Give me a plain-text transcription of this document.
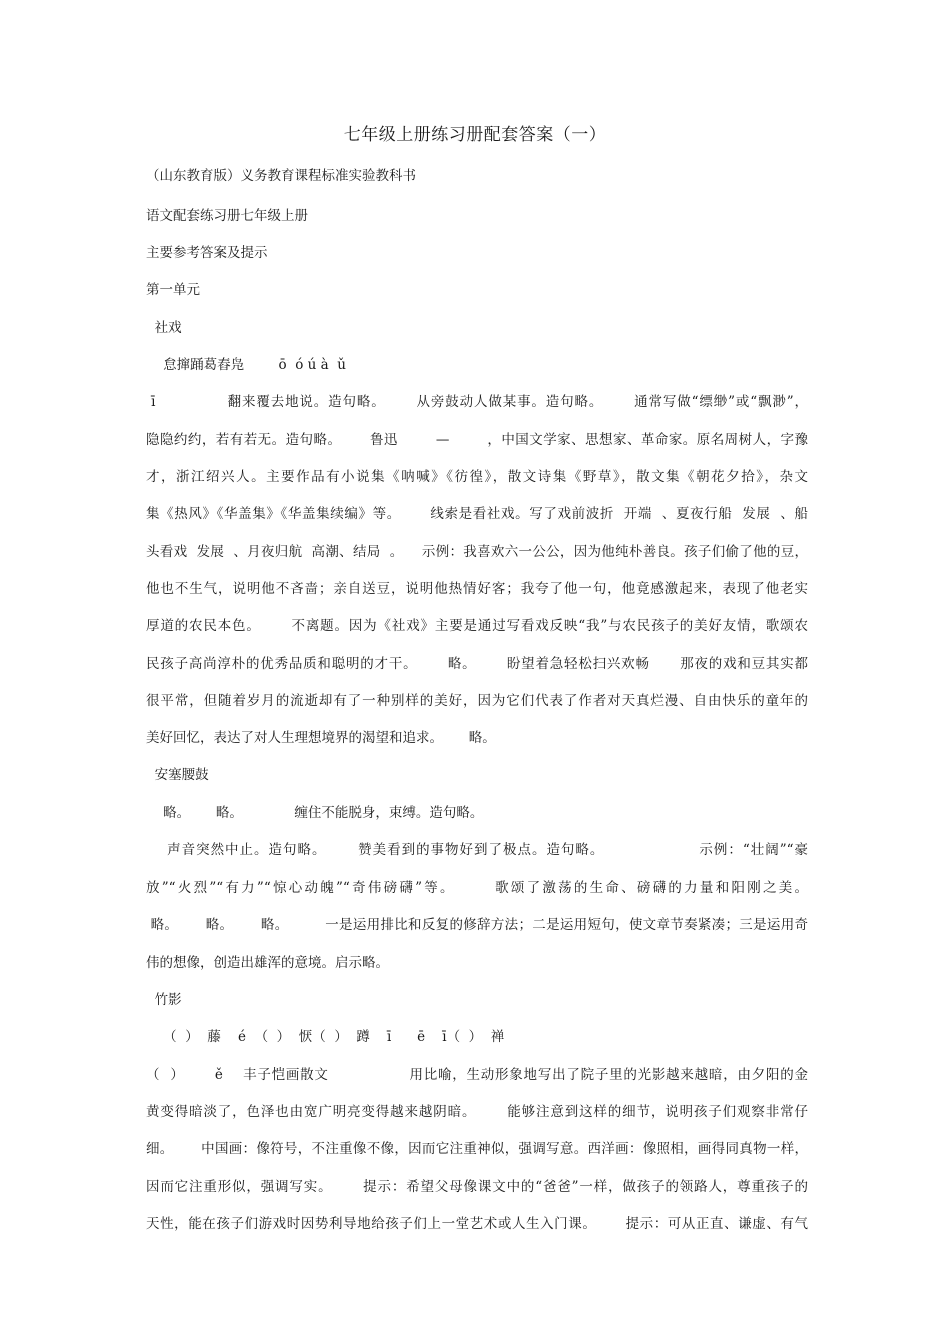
七年级上册练习册配套答案（一）
（山东教育版）义务教育课程标准实验教科书
语文配套练习册七年级上册
主要参考答案及提示
第一单元
社戏
怠撺踊葛舂凫        ō  ó ú à  ǔ
ī              翻来覆去地说。造句略。      从旁鼓动人做某事。造句略。      通常写做“缥缈”或“飘渺”，
隐隐约约，若有若无。造句略。      鲁迅        —        ，中国文学家、思想家、革命家。原名周树人，字豫
才，浙江绍兴人。主要作品有小说集《呐喊》《彷徨》，散文诗集《野草》，散文集《朝花夕拾》，杂文
集《热风》《华盖集》《华盖集续编》等。      线索是看社戏。写了戏前波折  开端  、夏夜行船  发展  、船
头看戏  发展  、月夜归航  高潮、结局  。    示例：我喜欢六一公公，因为他纯朴善良。孩子们偷了他的豆，
他也不生气，说明他不吝啬；亲自送豆，说明他热情好客；我夸了他一句，他竟感激起来，表现了他老实
厚道的农民本色。      不离题。因为《社戏》主要是通过写看戏反映“我”与农民孩子的美好友情，歌颂农
民孩子高尚淳朴的优秀品质和聪明的才干。      略。      盼望着急轻松扫兴欢畅      那夜的戏和豆其实都
很平常，但随着岁月的流逝却有了一种别样的美好，因为它们代表了作者对天真烂漫、自由快乐的童年的
美好回忆，表达了对人生理想境界的渴望和追求。      略。
安塞腰鼓
略。      略。            缠住不能脱身，束缚。造句略。
声音突然中止。造句略。      赞美看到的事物好到了极点。造句略。                  示例：“壮阔”“豪
放”“火烈”“有力”“惊心动魄”“奇伟磅礴”等。      歌颂了激荡的生命、磅礴的力量和阳刚之美。
略。      略。      略。        一是运用排比和反复的修辞方法；二是运用短句，使文章节奏紧凑；三是运用奇
伟的想像，创造出雄浑的意境。启示略。
竹影
（  ）  藤    é  （  ）  恹（  ）  蹲    ī      ē    ī（  ）  禅
（  ）      ě    丰子恺画散文                用比喻，生动形象地写出了院子里的光影越来越暗，由夕阳的金
黄变得暗淡了，色泽也由宽广明亮变得越来越阴暗。      能够注意到这样的细节，说明孩子们观察非常仔
细。      中国画：像符号，不注重像不像，因而它注重神似，强调写意。西洋画：像照相，画得同真物一样，
因而它注重形似，强调写实。      提示：希望父母像课文中的“爸爸”一样，做孩子的领路人，尊重孩子的
天性，能在孩子们游戏时因势利导地给孩子们上一堂艺术或人生入门课。      提示：可从正直、谦虚、有气
